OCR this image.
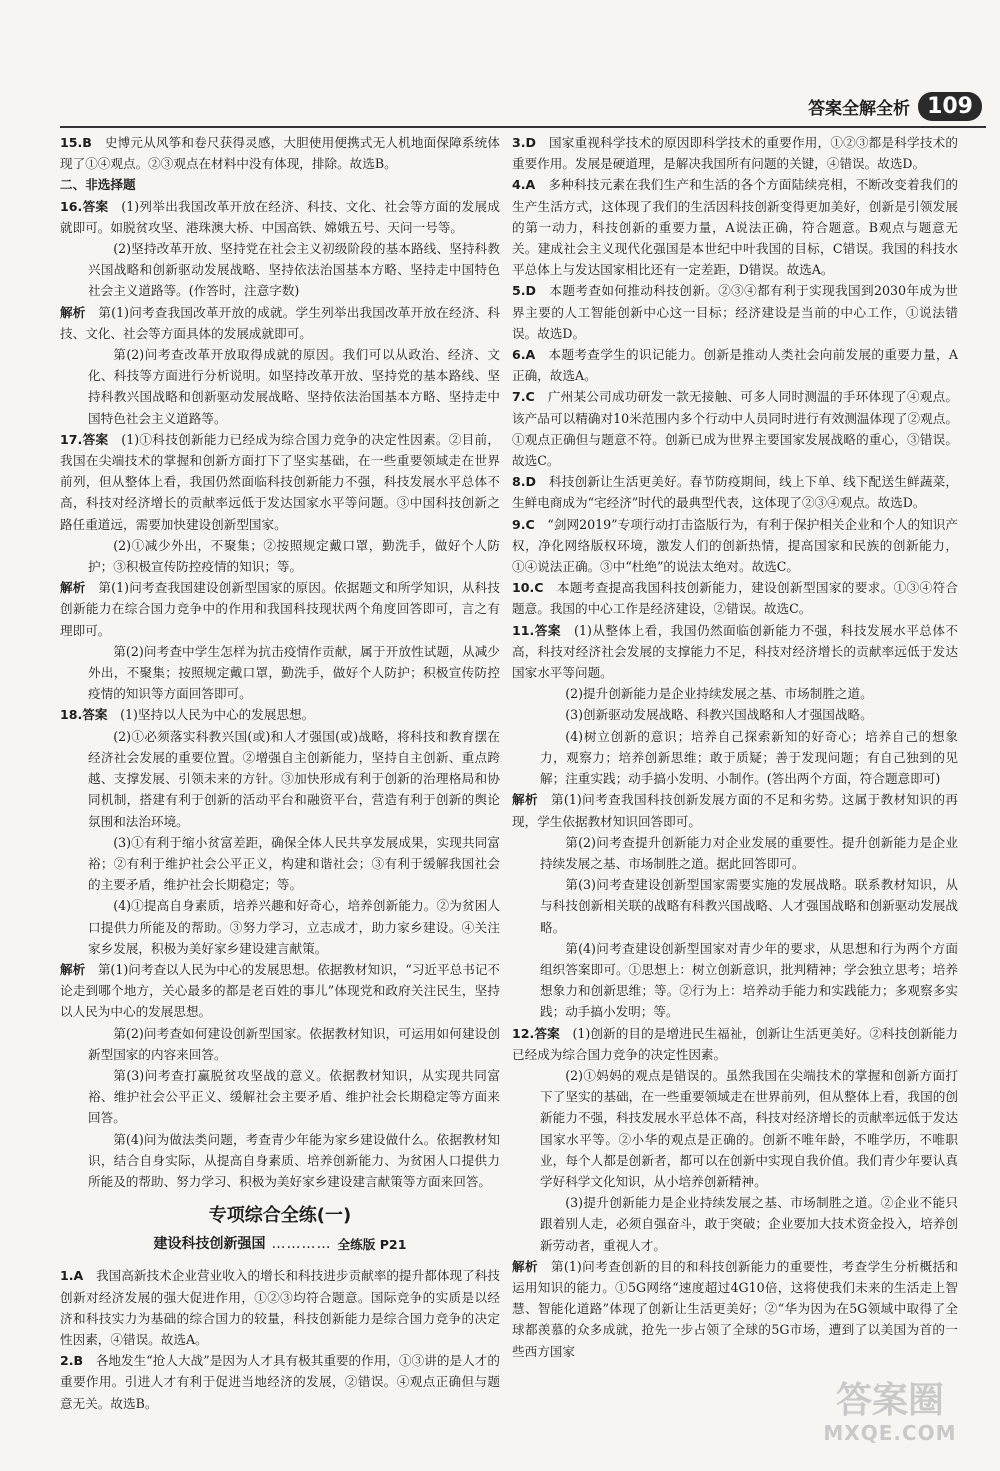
答案全解全析 109

15.B　 史博元从风筝和卷尺获得灵感，大胆使用便携式无人机地面保障系统体现了①④观点。②③观点在材料中没有体现，排除。故选B。

二、非选择题

16.答案　 (1)列举出我国改革开放在经济、科技、文化、社会等方面的发展成就即可。如脱贫攻坚、港珠澳大桥、中国高铁、嫦娥五号、天问一号等。

(2)坚持改革开放、坚持党在社会主义初级阶段的基本路线、坚持科教兴国战略和创新驱动发展战略、坚持依法治国基本方略、坚持走中国特色社会主义道路等。(作答时，注意字数)

解析　 第(1)问考查我国改革开放的成就。学生列举出我国改革开放在经济、科技、文化、社会等方面具体的发展成就即可。

第(2)问考查改革开放取得成就的原因。我们可以从政治、经济、文化、科技等方面进行分析说明。如坚持改革开放、坚持党的基本路线、坚持科教兴国战略和创新驱动发展战略、坚持依法治国基本方略、坚持走中国特色社会主义道路等。

17.答案　 (1)①科技创新能力已经成为综合国力竞争的决定性因素。②目前，我国在尖端技术的掌握和创新方面打下了坚实基础，在一些重要领域走在世界前列，但从整体上看，我国仍然面临科技创新能力不强，科技发展水平总体不高，科技对经济增长的贡献率远低于发达国家水平等问题。③中国科技创新之路任重道远，需要加快建设创新型国家。

(2)①减少外出，不聚集；②按照规定戴口罩，勤洗手，做好个人防护；③积极宣传防控疫情的知识；等。

解析　 第(1)问考查我国建设创新型国家的原因。依据题文和所学知识，从科技创新能力在综合国力竞争中的作用和我国科技现状两个角度回答即可，言之有理即可。

第(2)问考查中学生怎样为抗击疫情作贡献，属于开放性试题，从减少外出，不聚集；按照规定戴口罩，勤洗手，做好个人防护；积极宣传防控疫情的知识等方面回答即可。

18.答案　 (1)坚持以人民为中心的发展思想。

(2)①必须落实科教兴国(或)和人才强国(或)战略，将科技和教育摆在经济社会发展的重要位置。②增强自主创新能力，坚持自主创新、重点跨越、支撑发展、引领未来的方针。③加快形成有利于创新的治理格局和协同机制，搭建有利于创新的活动平台和融资平台，营造有利于创新的舆论氛围和法治环境。

(3)①有利于缩小贫富差距，确保全体人民共享发展成果，实现共同富裕；②有利于维护社会公平正义，构建和谐社会；③有利于缓解我国社会的主要矛盾，维护社会长期稳定；等。

(4)①提高自身素质，培养兴趣和好奇心，培养创新能力。②为贫困人口提供力所能及的帮助。③努力学习，立志成才，助力家乡建设。④关注家乡发展，积极为美好家乡建设建言献策。

解析　 第(1)问考查以人民为中心的发展思想。依据教材知识，“习近平总书记不论走到哪个地方，关心最多的都是老百姓的事儿”体现党和政府关注民生，坚持以人民为中心的发展思想。

第(2)问考查如何建设创新型国家。依据教材知识，可运用如何建设创新型国家的内容来回答。

第(3)问考查打赢脱贫攻坚战的意义。依据教材知识，从实现共同富裕、维护社会公平正义、缓解社会主要矛盾、维护社会长期稳定等方面来回答。

第(4)问为做法类问题，考查青少年能为家乡建设做什么。依据教材知识，结合自身实际，从提高自身素质、培养创新能力、为贫困人口提供力所能及的帮助、努力学习、积极为美好家乡建设建言献策等方面来回答。

专项综合全练(一)
建设科技创新强国 ………… 全练版 P21

1.A　 我国高新技术企业营业收入的增长和科技进步贡献率的提升都体现了科技创新对经济发展的强大促进作用，①②③均符合题意。国际竞争的实质是以经济和科技实力为基础的综合国力的较量，科技创新能力是综合国力竞争的决定性因素，④错误。故选A。

2.B　 各地发生“抢人大战”是因为人才具有极其重要的作用，①③讲的是人才的重要作用。引进人才有利于促进当地经济的发展，②错误。④观点正确但与题意无关。故选B。

3.D　 国家重视科学技术的原因即科学技术的重要作用，①②③都是科学技术的重要作用。发展是硬道理，是解决我国所有问题的关键，④错误。故选D。

4.A　 多种科技元素在我们生产和生活的各个方面陆续亮相，不断改变着我们的生产生活方式，这体现了我们的生活因科技创新变得更加美好，创新是引领发展的第一动力，科技创新的重要力量，A说法正确，符合题意。B观点与题意无关。建成社会主义现代化强国是本世纪中叶我国的目标，C错误。我国的科技水平总体上与发达国家相比还有一定差距，D错误。故选A。

5.D　 本题考查如何推动科技创新。②③④都有利于实现我国到2030年成为世界主要的人工智能创新中心这一目标；经济建设是当前的中心工作，①说法错误。故选D。

6.A　 本题考查学生的识记能力。创新是推动人类社会向前发展的重要力量，A正确，故选A。

7.C　 广州某公司成功研发一款无接触、可多人同时测温的手环体现了④观点。该产品可以精确对10米范围内多个行动中人员同时进行有效测温体现了②观点。①观点正确但与题意不符。创新已成为世界主要国家发展战略的重心，③错误。故选C。

8.D　 科技创新让生活更美好。春节防疫期间，线上下单、线下配送生鲜蔬菜，生鲜电商成为“宅经济”时代的最典型代表，这体现了②③④观点。故选D。

9.C　 “剑网2019”专项行动打击盗版行为，有利于保护相关企业和个人的知识产权，净化网络版权环境，激发人们的创新热情，提高国家和民族的创新能力，①④说法正确。③中“杜绝”的说法太绝对。故选C。

10.C　 本题考查提高我国科技创新能力，建设创新型国家的要求。①③④符合题意。我国的中心工作是经济建设，②错误。故选C。

11.答案　 (1)从整体上看，我国仍然面临创新能力不强，科技发展水平总体不高，科技对经济社会发展的支撑能力不足，科技对经济增长的贡献率远低于发达国家水平等问题。

(2)提升创新能力是企业持续发展之基、市场制胜之道。

(3)创新驱动发展战略、科教兴国战略和人才强国战略。

(4)树立创新的意识；培养自己探索新知的好奇心；培养自己的想象力，观察力；培养创新思维；敢于质疑；善于发现问题；有自己独到的见解；注重实践；动手搞小发明、小制作。(答出两个方面，符合题意即可)

解析　 第(1)问考查我国科技创新发展方面的不足和劣势。这属于教材知识的再现，学生依据教材知识回答即可。

第(2)问考查提升创新能力对企业发展的重要性。提升创新能力是企业持续发展之基、市场制胜之道。据此回答即可。

第(3)问考查建设创新型国家需要实施的发展战略。联系教材知识，从与科技创新相关联的战略有科教兴国战略、人才强国战略和创新驱动发展战略。

第(4)问考查建设创新型国家对青少年的要求，从思想和行为两个方面组织答案即可。①思想上：树立创新意识，批判精神；学会独立思考；培养想象力和创新思维；等。②行为上：培养动手能力和实践能力；多观察多实践；动手搞小发明；等。

12.答案　 (1)创新的目的是增进民生福祉，创新让生活更美好。②科技创新能力已经成为综合国力竞争的决定性因素。

(2)①妈妈的观点是错误的。虽然我国在尖端技术的掌握和创新方面打下了坚实的基础，在一些重要领域走在世界前列，但从整体上看，我国的创新能力不强，科技发展水平总体不高，科技对经济增长的贡献率远低于发达国家水平等。②小华的观点是正确的。创新不唯年龄，不唯学历，不唯职业，每个人都是创新者，都可以在创新中实现自我价值。我们青少年要认真学好科学文化知识，从小培养创新精神。

(3)提升创新能力是企业持续发展之基、市场制胜之道。②企业不能只跟着别人走，必须自强奋斗，敢于突破；企业要加大技术资金投入，培养创新劳动者，重视人才。

解析　 第(1)问考查创新的目的和科技创新能力的重要性，考查学生分析概括和运用知识的能力。①5G网络“速度超过4G10倍，这将使我们未来的生活走上智慧、智能化道路”体现了创新让生活更美好；②“华为因为在5G领域中取得了全球都羡慕的众多成就，抢先一步占领了全球的5G市场，遭到了以美国为首的一些西方国家

答案圈
MXQE.COM
